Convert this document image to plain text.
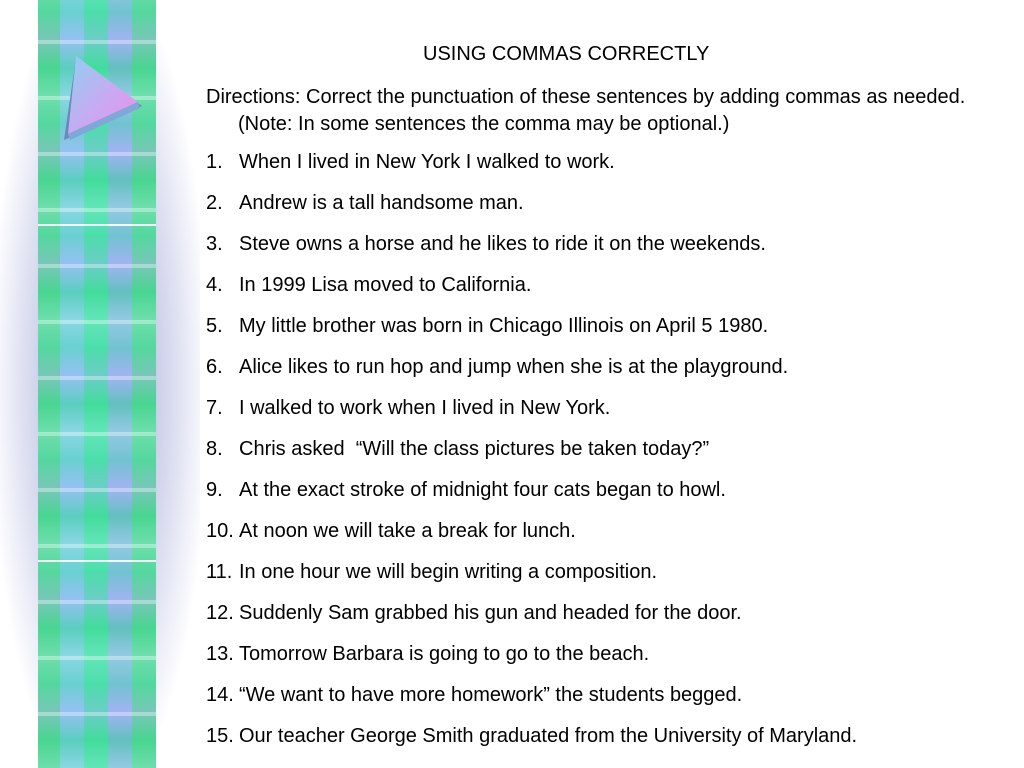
USING COMMAS CORRECTLY
Directions: Correct the punctuation of these sentences by adding commas as needed. (Note: In some sentences the comma may be optional.)
1. When I lived in New York I walked to work.
2. Andrew is a tall handsome man.
3. Steve owns a horse and he likes to ride it on the weekends.
4. In 1999 Lisa moved to California.
5. My little brother was born in Chicago Illinois on April 5 1980.
6. Alice likes to run hop and jump when she is at the playground.
7. I walked to work when I lived in New York.
8. Chris asked  “Will the class pictures be taken today?”
9. At the exact stroke of midnight four cats began to howl.
10. At noon we will take a break for lunch.
11. In one hour we will begin writing a composition.
12. Suddenly Sam grabbed his gun and headed for the door.
13. Tomorrow Barbara is going to go to the beach.
14. “We want to have more homework” the students begged.
15. Our teacher George Smith graduated from the University of Maryland.
